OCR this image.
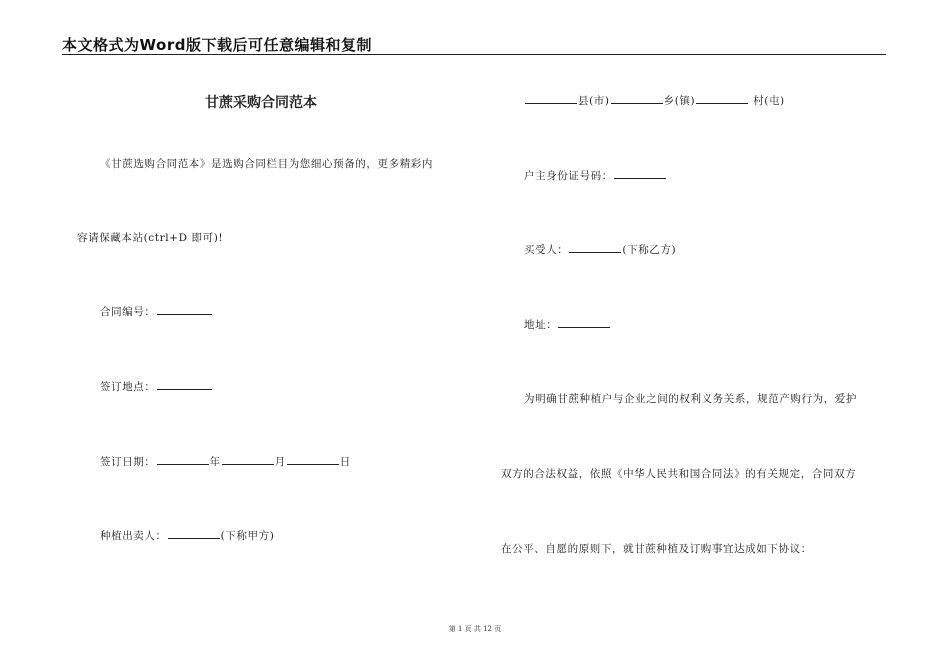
本文格式为Word版下载后可任意编辑和复制
甘蔗采购合同范本
《甘蔗选购合同范本》是选购合同栏目为您细心预备的，更多精彩内
容请保藏本站(ctrl+D 即可)!
合同编号：
签订地点：
签订日期：	年	月	日
种植出卖人：	(下称甲方)
县(市)	乡(镇)	村(屯)
户主身份证号码：
买受人：	(下称乙方)
地址：
为明确甘蔗种植户与企业之间的权利义务关系，规范产购行为，爱护
双方的合法权益，依照《中华人民共和国合同法》的有关规定，合同双方
在公平、自愿的原则下，就甘蔗种植及订购事宜达成如下协议：
第 1 页 共 12 页
